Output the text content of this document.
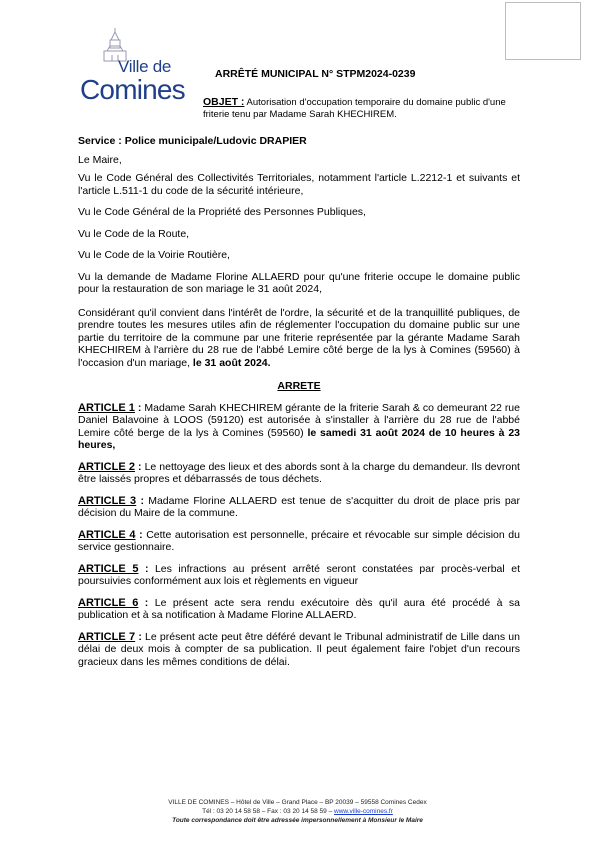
Ville de
Comines	ARRÊTÉ MUNICIPAL N° STPM2024-0239
OBJET : Autorisation d'occupation temporaire du domaine public d'une friterie tenu par Madame Sarah KHECHIREM.

Service : Police municipale/Ludovic DRAPIER

Le Maire,

Vu le Code Général des Collectivités Territoriales, notamment l'article L.2212-1 et suivants et l'article L.511-1 du code de la sécurité intérieure,

Vu le Code Général de la Propriété des Personnes Publiques,

Vu le Code de la Route,

Vu le Code de la Voirie Routière,

Vu la demande de Madame Florine ALLAERD pour qu'une friterie occupe le domaine public pour la restauration de son mariage le 31 août 2024,

Considérant qu'il convient dans l'intérêt de l'ordre, la sécurité et de la tranquillité publiques, de prendre toutes les mesures utiles afin de réglementer l'occupation du domaine public sur une partie du territoire de la commune par une friterie représentée par la gérante Madame Sarah KHECHIREM à l'arrière du 28 rue de l'abbé Lemire côté berge de la lys à Comines (59560) à l'occasion d'un mariage, le 31 août 2024.

ARRETE

ARTICLE 1 : Madame Sarah KHECHIREM gérante de la friterie Sarah & co demeurant 22 rue Daniel Balavoine à LOOS (59120) est autorisée à s'installer à l'arrière du 28 rue de l'abbé Lemire côté berge de la lys à Comines (59560) le samedi 31 août 2024 de 10 heures à 23 heures,

ARTICLE 2 : Le nettoyage des lieux et des abords sont à la charge du demandeur. Ils devront être laissés propres et débarrassés de tous déchets.

ARTICLE 3 : Madame Florine ALLAERD est tenue de s'acquitter du droit de place pris par décision du Maire de la commune.

ARTICLE 4 : Cette autorisation est personnelle, précaire et révocable sur simple décision du service gestionnaire.

ARTICLE 5 : Les infractions au présent arrêté seront constatées par procès-verbal et poursuivies conformément aux lois et règlements en vigueur

ARTICLE 6 : Le présent acte sera rendu exécutoire dès qu'il aura été procédé à sa publication et à sa notification à Madame Florine ALLAERD.

ARTICLE 7 : Le présent acte peut être déféré devant le Tribunal administratif de Lille dans un délai de deux mois à compter de sa publication. Il peut également faire l'objet d'un recours gracieux dans les mêmes conditions de délai.

VILLE DE COMINES – Hôtel de Ville – Grand Place – BP 20039 – 59558 Comines Cedex
Tél : 03 20 14 58 58 – Fax : 03 20 14 58 59 – www.ville-comines.fr
Toute correspondance doit être adressée impersonnellement à Monsieur le Maire
